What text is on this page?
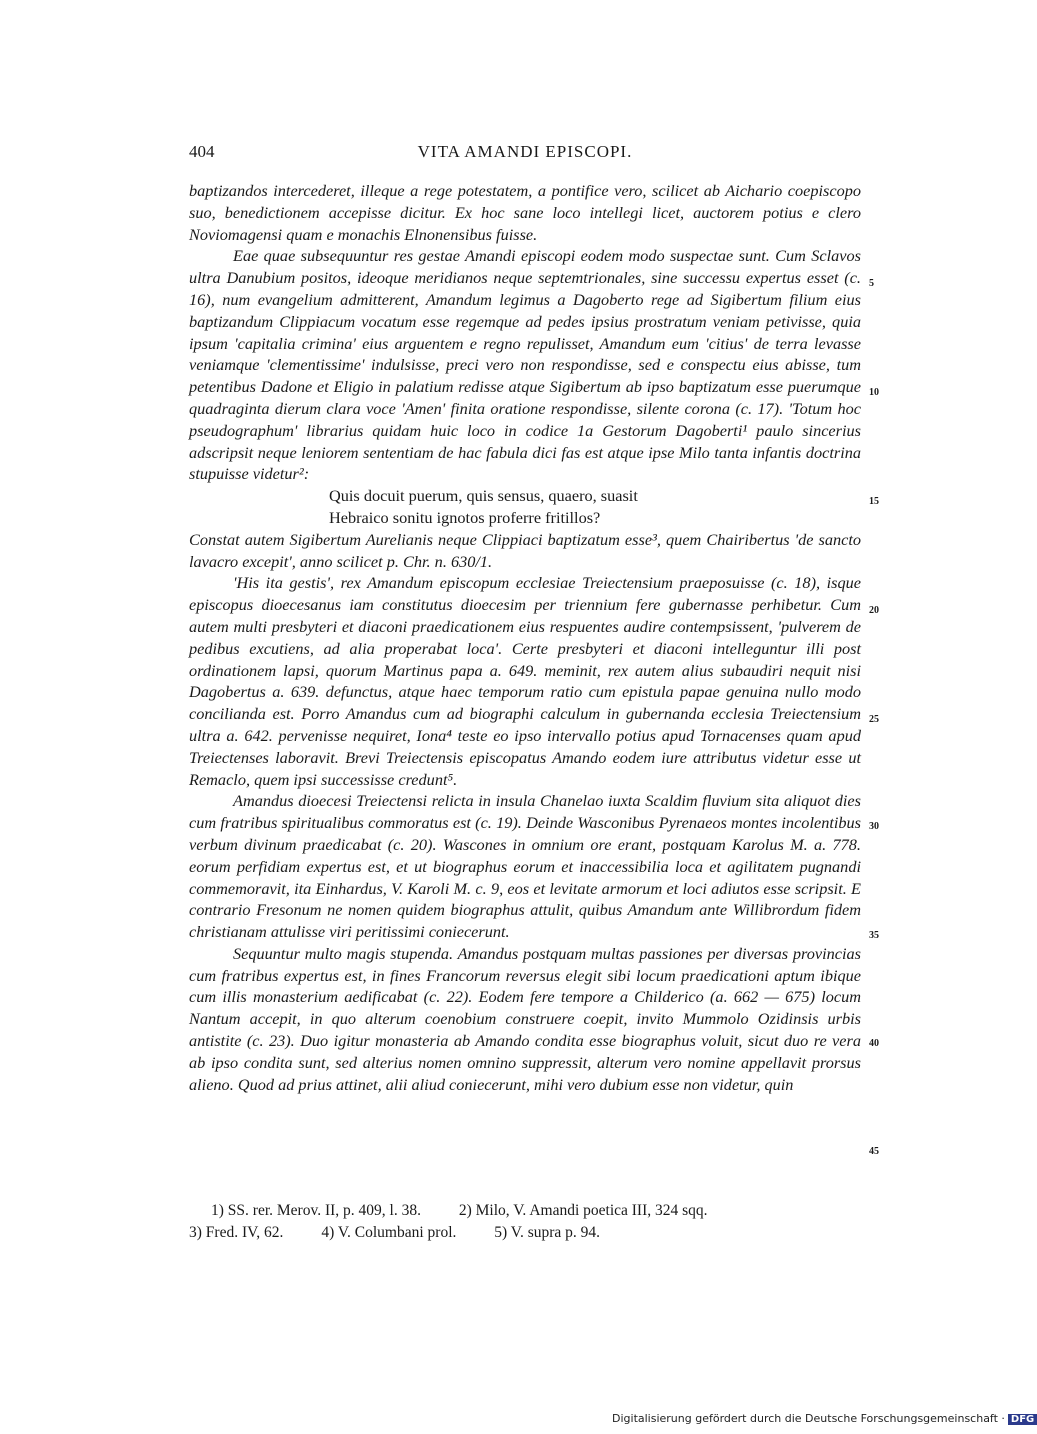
404	VITA AMANDI EPISCOPI.

baptizandos intercederet, illeque a rege potestatem, a pontifice vero, scilicet ab Aichario coepiscopo suo, benedictionem accepisse dicitur. Ex hoc sane loco intellegi licet, auctorem potius e clero Noviomagensi quam e monachis Elnonensibus fuisse.

Eae quae subsequuntur res gestae Amandi episcopi eodem modo suspectae sunt. Cum Sclavos ultra Danubium positos, ideoque meridianos neque septemtrionales, sine successu expertus esset (c. 16), num evangelium admitterent, Amandum legimus a Dagoberto rege ad Sigibertum filium eius baptizandum Clippiacum vocatum esse regemque ad pedes ipsius prostratum veniam petivisse, quia ipsum 'capitalia crimina' eius arguentem e regno repulisset, Amandum eum 'citius' de terra levasse veniamque 'clementissime' indulsisse, preci vero non respondisse, sed e conspectu eius abisse, tum petentibus Dadone et Eligio in palatium redisse atque Sigibertum ab ipso baptizatum esse puerumque quadraginta dierum clara voce 'Amen' finita oratione respondisse, silente corona (c. 17). 'Totum hoc pseudographum' librarius quidam huic loco in codice 1a Gestorum Dagoberti¹ paulo sincerius adscripsit neque leniorem sententiam de hac fabula dici fas est atque ipse Milo tanta infantis doctrina stupuisse videtur²:

Quis docuit puerum, quis sensus, quaero, suasit

Hebraico sonitu ignotos proferre fritillos?

Constat autem Sigibertum Aurelianis neque Clippiaci baptizatum esse³, quem Chairibertus 'de sancto lavacro excepit', anno scilicet p. Chr. n. 630/1.

'His ita gestis', rex Amandum episcopum ecclesiae Treiectensium praeposuisse (c. 18), isque episcopus dioecesanus iam constitutus dioecesim per triennium fere gubernasse perhibetur. Cum autem multi presbyteri et diaconi praedicationem eius respuentes audire contempsissent, 'pulverem de pedibus excutiens, ad alia properabat loca'. Certe presbyteri et diaconi intelleguntur illi post ordinationem lapsi, quorum Martinus papa a. 649. meminit, rex autem alius subaudiri nequit nisi Dagobertus a. 639. defunctus, atque haec temporum ratio cum epistula papae genuina nullo modo concilianda est. Porro Amandus cum ad biographi calculum in gubernanda ecclesia Treiectensium ultra a. 642. pervenisse nequiret, Iona⁴ teste eo ipso intervallo potius apud Tornacenses quam apud Treiectenses laboravit. Brevi Treiectensis episcopatus Amando eodem iure attributus videtur esse ut Remaclo, quem ipsi successisse credunt⁵.

Amandus dioecesi Treiectensi relicta in insula Chanelao iuxta Scaldim fluvium sita aliquot dies cum fratribus spiritualibus commoratus est (c. 19). Deinde Wasconibus Pyrenaeos montes incolentibus verbum divinum praedicabat (c. 20). Wascones in omnium ore erant, postquam Karolus M. a. 778. eorum perfidiam expertus est, et ut biographus eorum et inaccessibilia loca et agilitatem pugnandi commemoravit, ita Einhardus, V. Karoli M. c. 9, eos et levitate armorum et loci adiutos esse scripsit. E contrario Fresonum ne nomen quidem biographus attulit, quibus Amandum ante Willibrordum fidem christianam attulisse viri peritissimi coniecerunt.

Sequuntur multo magis stupenda. Amandus postquam multas passiones per diversas provincias cum fratribus expertus est, in fines Francorum reversus elegit sibi locum praedicationi aptum ibique cum illis monasterium aedificabat (c. 22). Eodem fere tempore a Childerico (a. 662 — 675) locum Nantum accepit, in quo alterum coenobium construere coepit, invito Mummolo Ozidinsis urbis antistite (c. 23). Duo igitur monasteria ab Amando condita esse biographus voluit, sicut duo re vera ab ipso condita sunt, sed alterius nomen omnino suppressit, alterum vero nomine appellavit prorsus alieno. Quod ad prius attinet, alii aliud coniecerunt, mihi vero dubium esse non videtur, quin

5
10
15
20
25
30
35
40
45

1) SS. rer. Merov. II, p. 409, l. 38. 2) Milo, V. Amandi poetica III, 324 sqq.

3) Fred. IV, 62. 4) V. Columbani prol. 5) V. supra p. 94.

Digitalisierung gefördert durch die Deutsche Forschungsgemeinschaft · DFG
